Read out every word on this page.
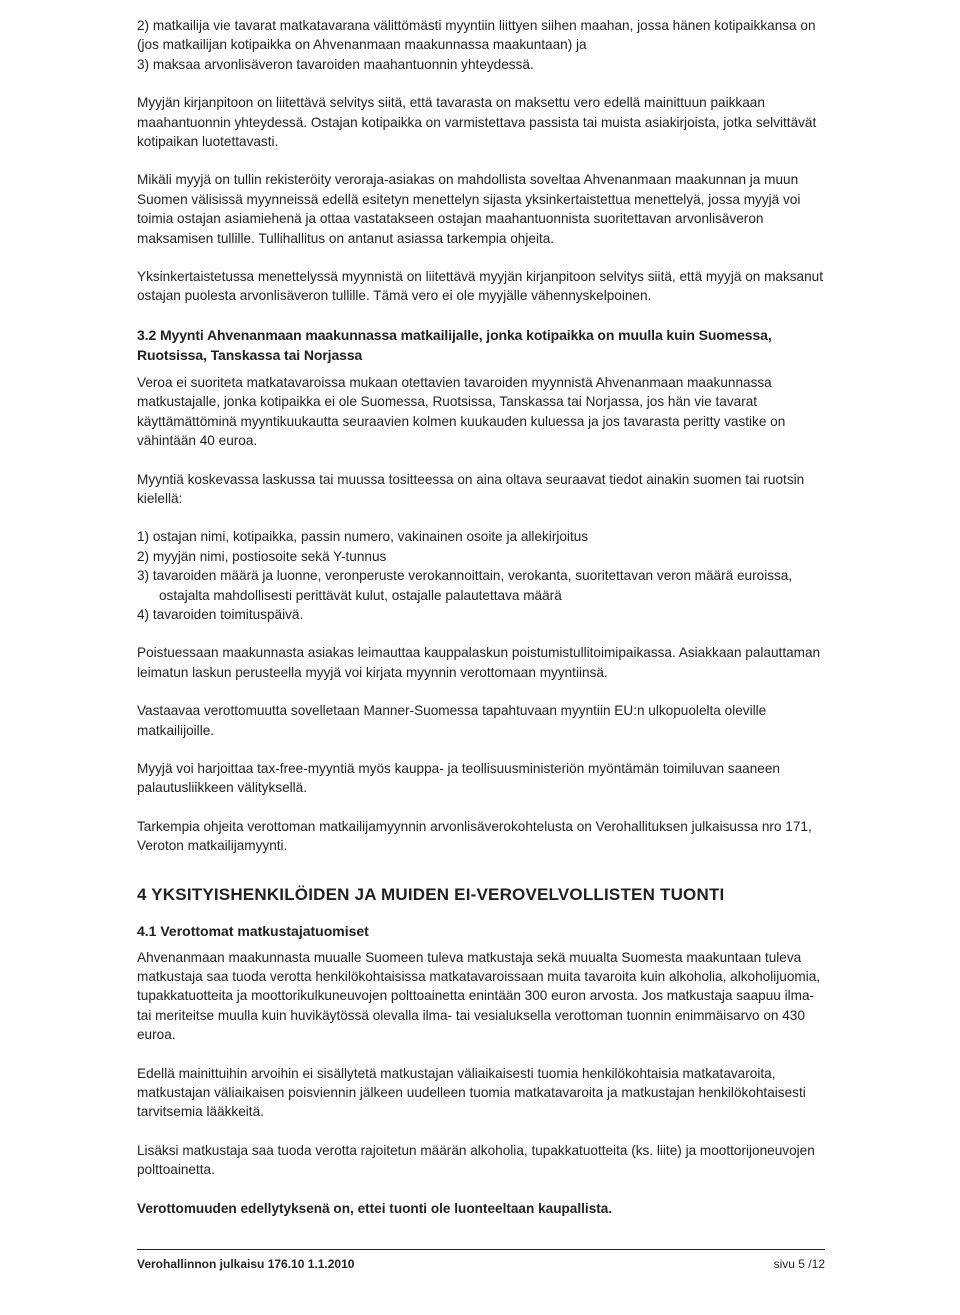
2) matkailija vie tavarat matkatavarana välittömästi myyntiin liittyen siihen maahan, jossa hänen kotipaikkansa on (jos matkailijan kotipaikka on Ahvenanmaan maakunnassa maakuntaan) ja
3) maksaa arvonlisäveron tavaroiden maahantuonnin yhteydessä.

Myyjän kirjanpitoon on liitettävä selvitys siitä, että tavarasta on maksettu vero edellä mainittuun paikkaan maahantuonnin yhteydessä. Ostajan kotipaikka on varmistettava passista tai muista asiakirjoista, jotka selvittävät kotipaikan luotettavasti.

Mikäli myyjä on tullin rekisteröity veroraja-asiakas on mahdollista soveltaa Ahvenanmaan maakunnan ja muun Suomen välisissä myynneissä edellä esitetyn menettelyn sijasta yksinkertaistettua menettelyä, jossa myyjä voi toimia ostajan asiamiehenä ja ottaa vastatakseen ostajan maahantuonnista suoritettavan arvonlisäveron maksamisen tullille. Tullihallitus on antanut asiassa tarkempia ohjeita.

Yksinkertaistetussa menettelyssä myynnistä on liitettävä myyjän kirjanpitoon selvitys siitä, että myyjä on maksanut ostajan puolesta arvonlisäveron tullille. Tämä vero ei ole myyjälle vähennyskelpoinen.

3.2 Myynti Ahvenanmaan maakunnassa matkailijalle, jonka kotipaikka on muulla kuin Suomessa, Ruotsissa, Tanskassa tai Norjassa

Veroa ei suoriteta matkatavaroissa mukaan otettavien tavaroiden myynnistä Ahvenanmaan maakunnassa matkustajalle, jonka kotipaikka ei ole Suomessa, Ruotsissa, Tanskassa tai Norjassa, jos hän vie tavarat käyttämättöminä myyntikuukautta seuraavien kolmen kuukauden kuluessa ja jos tavarasta peritty vastike on vähintään 40 euroa.

Myyntiä koskevassa laskussa tai muussa tositteessa on aina oltava seuraavat tiedot ainakin suomen tai ruotsin kielellä:

1) ostajan nimi, kotipaikka, passin numero, vakinainen osoite ja allekirjoitus
2) myyjän nimi, postiosoite sekä Y-tunnus
3) tavaroiden määrä ja luonne, veronperuste verokannoittain, verokanta, suoritettavan veron määrä euroissa, ostajalta mahdollisesti perittävät kulut, ostajalle palautettava määrä
4) tavaroiden toimituspäivä.

Poistuessaan maakunnasta asiakas leimauttaa kauppalaskun poistumistullitoimipaikassa. Asiakkaan palauttaman leimatun laskun perusteella myyjä voi kirjata myynnin verottomaan myyntiinsä.

Vastaavaa verottomuutta sovelletaan Manner-Suomessa tapahtuvaan myyntiin EU:n ulkopuolelta oleville matkailijoille.

Myyjä voi harjoittaa tax-free-myyntiä myös kauppa- ja teollisuusministeriön myöntämän toimiluvan saaneen palautusliikkeen välityksellä.

Tarkempia ohjeita verottoman matkailijamyynnin arvonlisäverokohtelusta on Verohallituksen julkaisussa nro 171, Veroton matkailijamyynti.

4 YKSITYISHENKILÖIDEN JA MUIDEN EI-VEROVELVOLLISTEN TUONTI
4.1 Verottomat matkustajatuomiset

Ahvenanmaan maakunnasta muualle Suomeen tuleva matkustaja sekä muualta Suomesta maakuntaan tuleva matkustaja saa tuoda verotta henkilökohtaisissa matkatavaroissaan muita tavaroita kuin alkoholia, alkoholijuomia, tupakkatuotteita ja moottorikulkuneuvojen polttoainetta enintään 300 euron arvosta. Jos matkustaja saapuu ilma- tai meriteitse muulla kuin huvikäytössä olevalla ilma- tai vesialuksella verottoman tuonnin enimmäisarvo on 430 euroa.

Edellä mainittuihin arvoihin ei sisällytetä matkustajan väliaikaisesti tuomia henkilökohtaisia matkatavaroita, matkustajan väliaikaisen poisviennin jälkeen uudelleen tuomia matkatavaroita ja matkustajan henkilökohtaisesti tarvitsemia lääkkeitä.

Lisäksi matkustaja saa tuoda verotta rajoitetun määrän alkoholia, tupakkatuotteita (ks. liite) ja moottorijoneuvojen polttoainetta.

Verottomuuden edellytyksenä on, ettei tuonti ole luonteeltaan kaupallista.

Verohallinnon julkaisu 176.10 1.1.2010	sivu 5 /12
